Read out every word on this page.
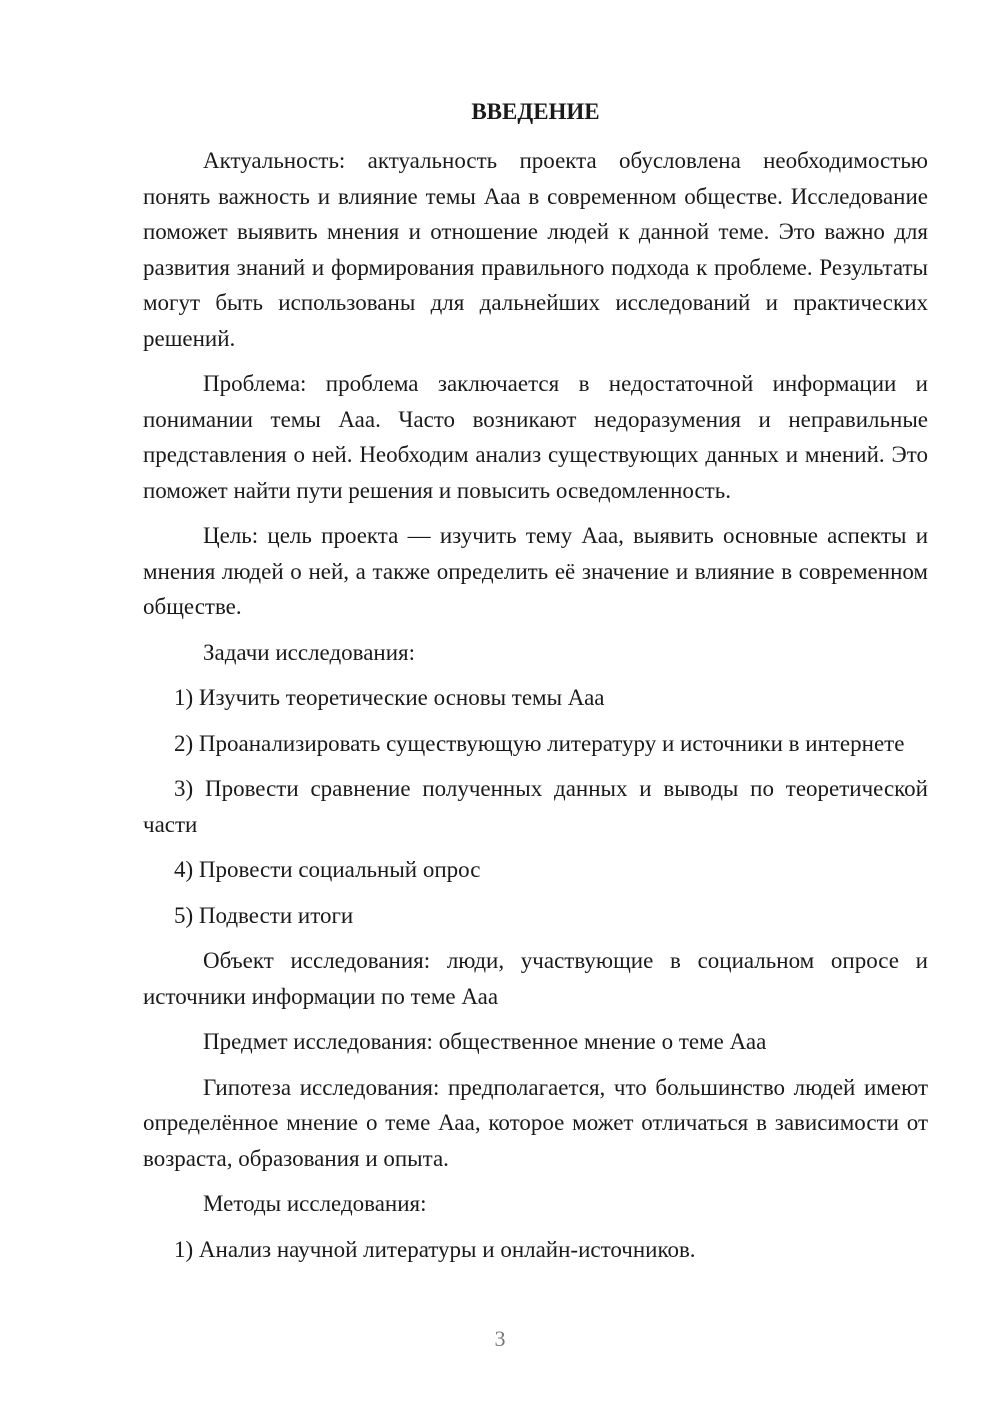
ВВЕДЕНИЕ

Актуальность: актуальность проекта обусловлена необходимостью понять важность и влияние темы Ааа в современном обществе. Исследование поможет выявить мнения и отношение людей к данной теме. Это важно для развития знаний и формирования правильного подхода к проблеме. Результаты могут быть использованы для дальнейших исследований и практических решений.

Проблема: проблема заключается в недостаточной информации и понимании темы Ааа. Часто возникают недоразумения и неправильные представления о ней. Необходим анализ существующих данных и мнений. Это поможет найти пути решения и повысить осведомленность.

Цель: цель проекта — изучить тему Ааа, выявить основные аспекты и мнения людей о ней, а также определить её значение и влияние в современном обществе.

Задачи исследования:

1) Изучить теоретические основы темы Ааа

2) Проанализировать существующую литературу и источники в интернете

3) Провести сравнение полученных данных и выводы по теоретической части

4) Провести социальный опрос

5) Подвести итоги

Объект исследования: люди, участвующие в социальном опросе и источники информации по теме Ааа

Предмет исследования: общественное мнение о теме Ааа

Гипотеза исследования: предполагается, что большинство людей имеют определённое мнение о теме Ааа, которое может отличаться в зависимости от возраста, образования и опыта.

Методы исследования:

1) Анализ научной литературы и онлайн-источников.

3
